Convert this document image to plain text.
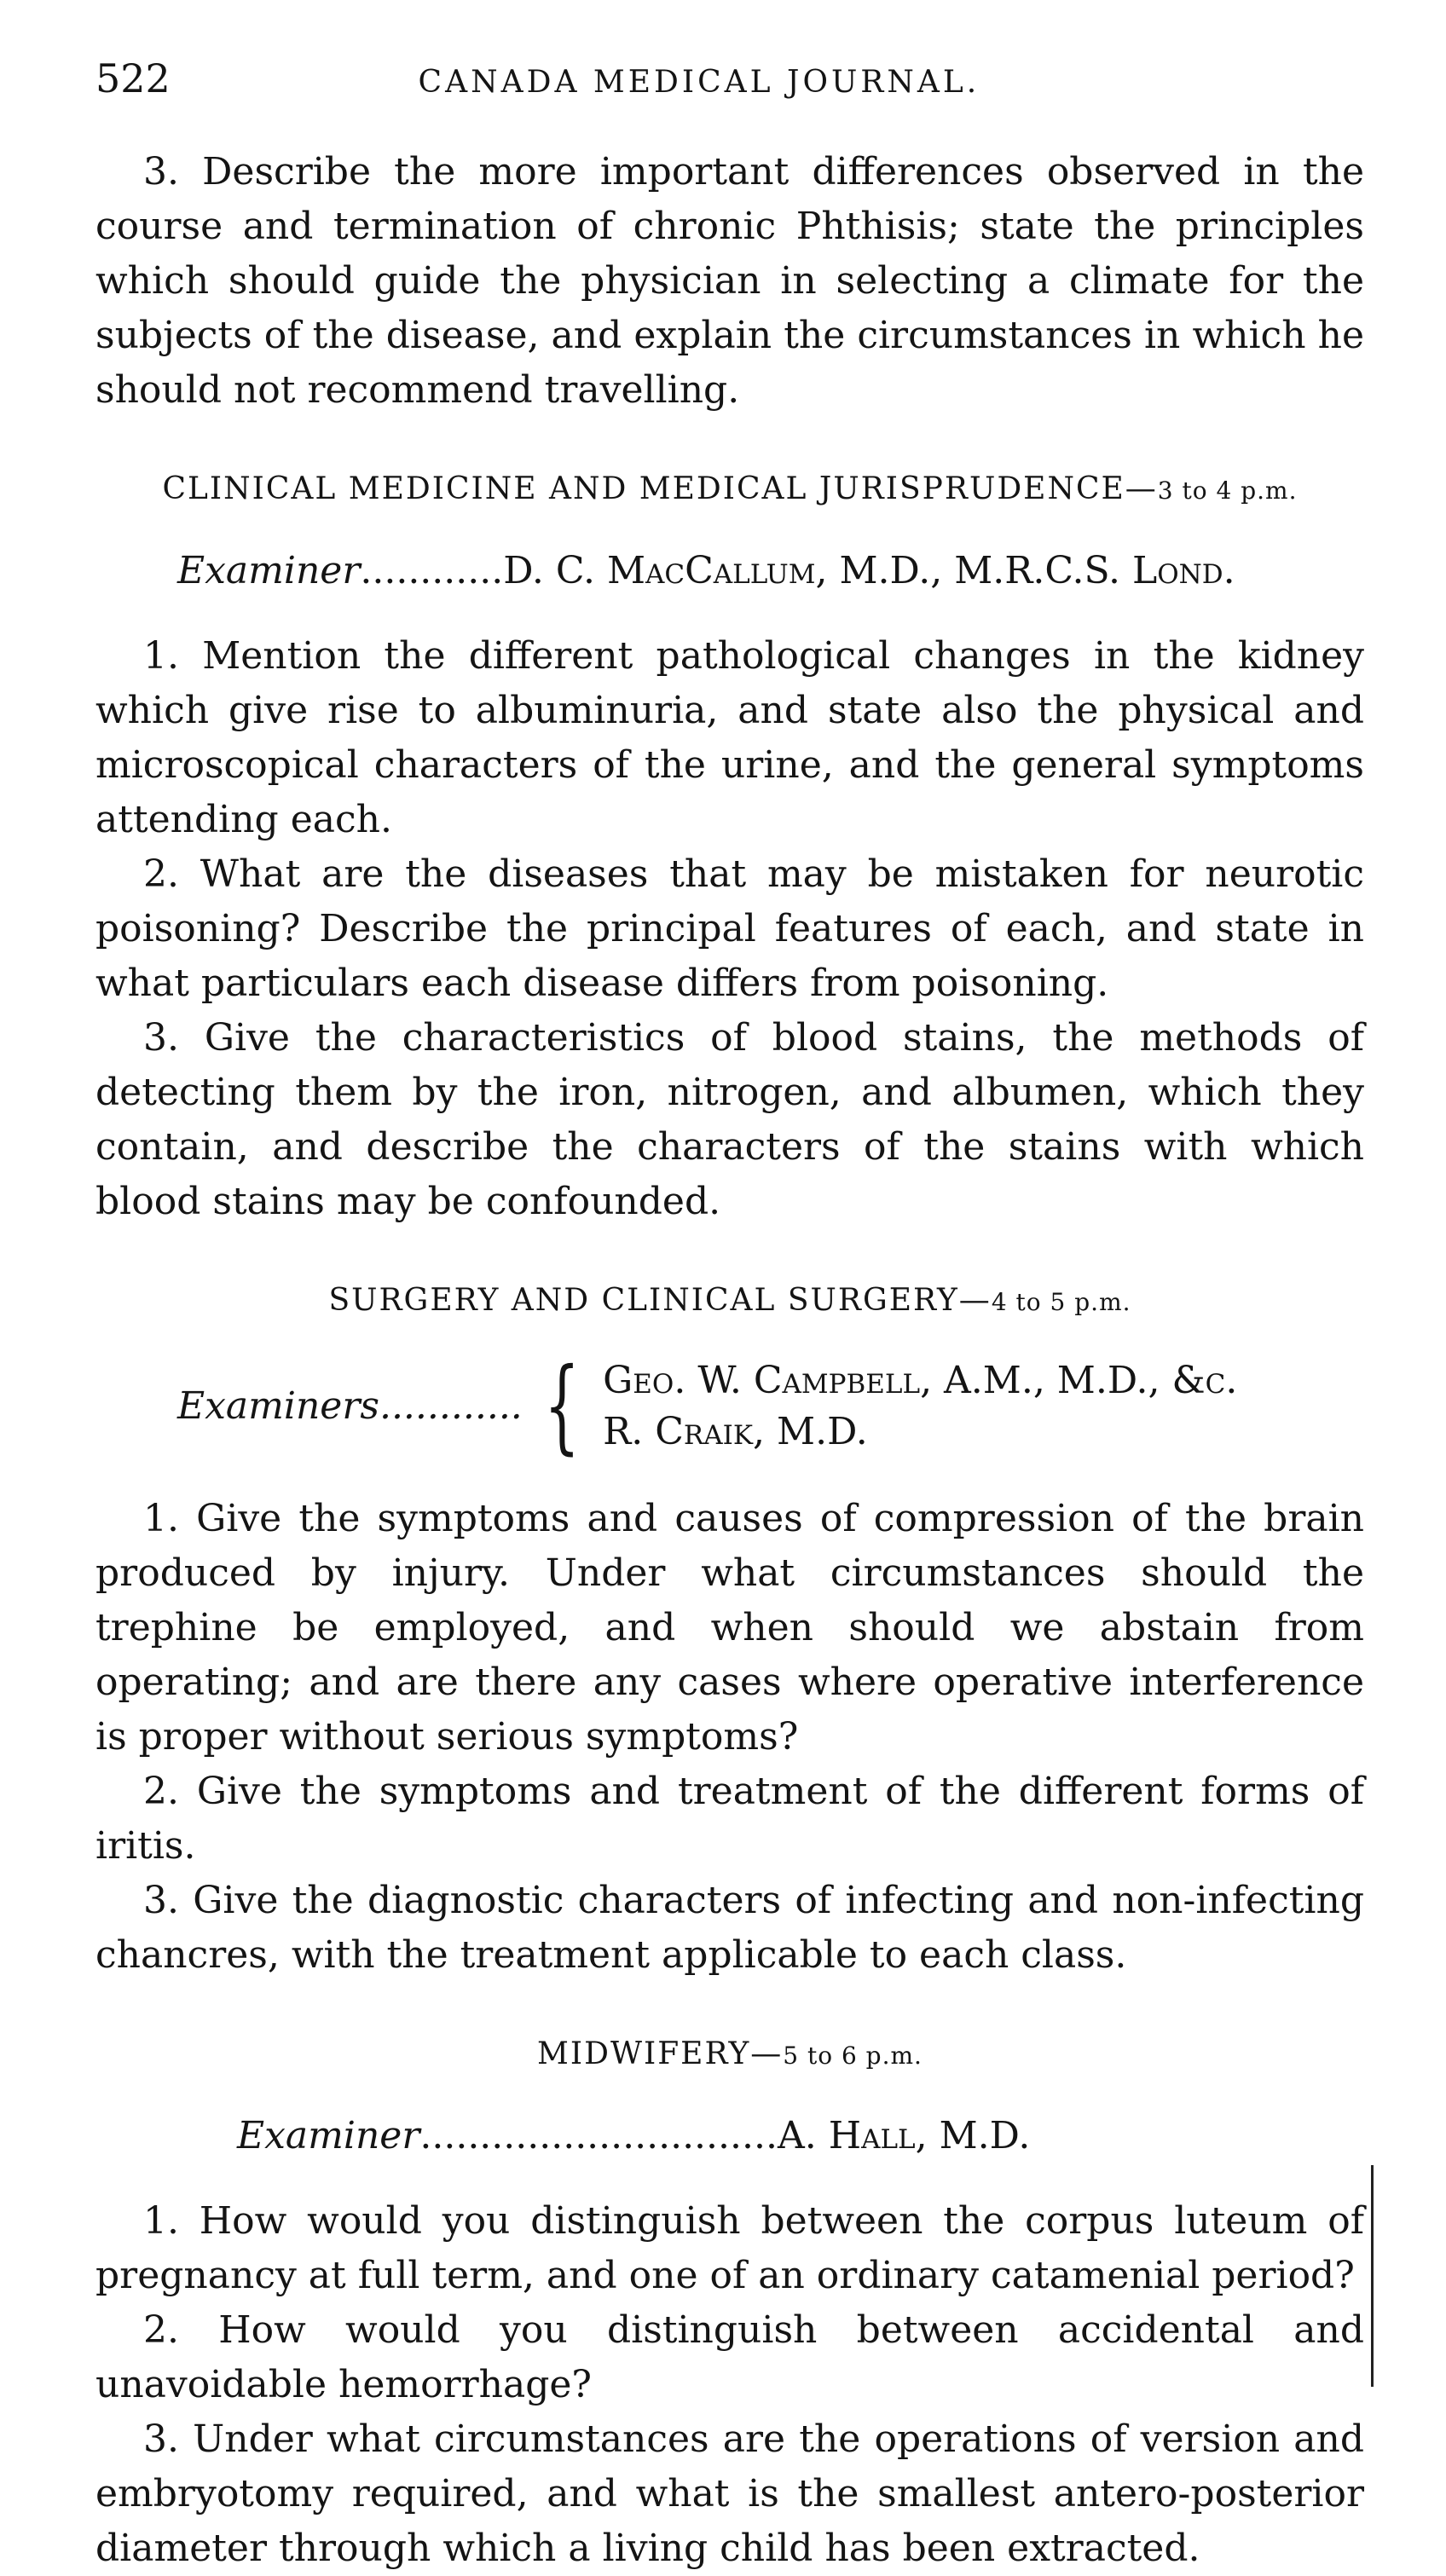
522	CANADA MEDICAL JOURNAL.

3. Describe the more important differences observed in the course and termination of chronic Phthisis; state the principles which should guide the physician in selecting a climate for the subjects of the disease, and explain the circumstances in which he should not recommend travelling.

CLINICAL MEDICINE AND MEDICAL JURISPRUDENCE—3 to 4 p.m.
Examiner............D. C. MacCallum, M.D., M.R.C.S. Lond.

1. Mention the different pathological changes in the kidney which give rise to albuminuria, and state also the physical and microscopical characters of the urine, and the general symptoms attending each.

2. What are the diseases that may be mistaken for neurotic poisoning? Describe the principal features of each, and state in what particulars each disease differs from poisoning.

3. Give the characteristics of blood stains, the methods of detecting them by the iron, nitrogen, and albumen, which they contain, and describe the characters of the stains with which blood stains may be confounded.

SURGERY AND CLINICAL SURGERY—4 to 5 p.m.
Examiners............ { Geo. W. Campbell, A.M., M.D., &c.
R. Craik, M.D.

1. Give the symptoms and causes of compression of the brain produced by injury. Under what circumstances should the trephine be employed, and when should we abstain from operating; and are there any cases where operative interference is proper without serious symptoms?

2. Give the symptoms and treatment of the different forms of iritis.

3. Give the diagnostic characters of infecting and non-infecting chancres, with the treatment applicable to each class.

MIDWIFERY—5 to 6 p.m.
Examiner..............................A. Hall, M.D.

1. How would you distinguish between the corpus luteum of pregnancy at full term, and one of an ordinary catamenial period?

2. How would you distinguish between accidental and unavoidable hemorrhage?

3. Under what circumstances are the operations of version and embryotomy required, and what is the smallest antero-posterior diameter through which a living child has been extracted.
